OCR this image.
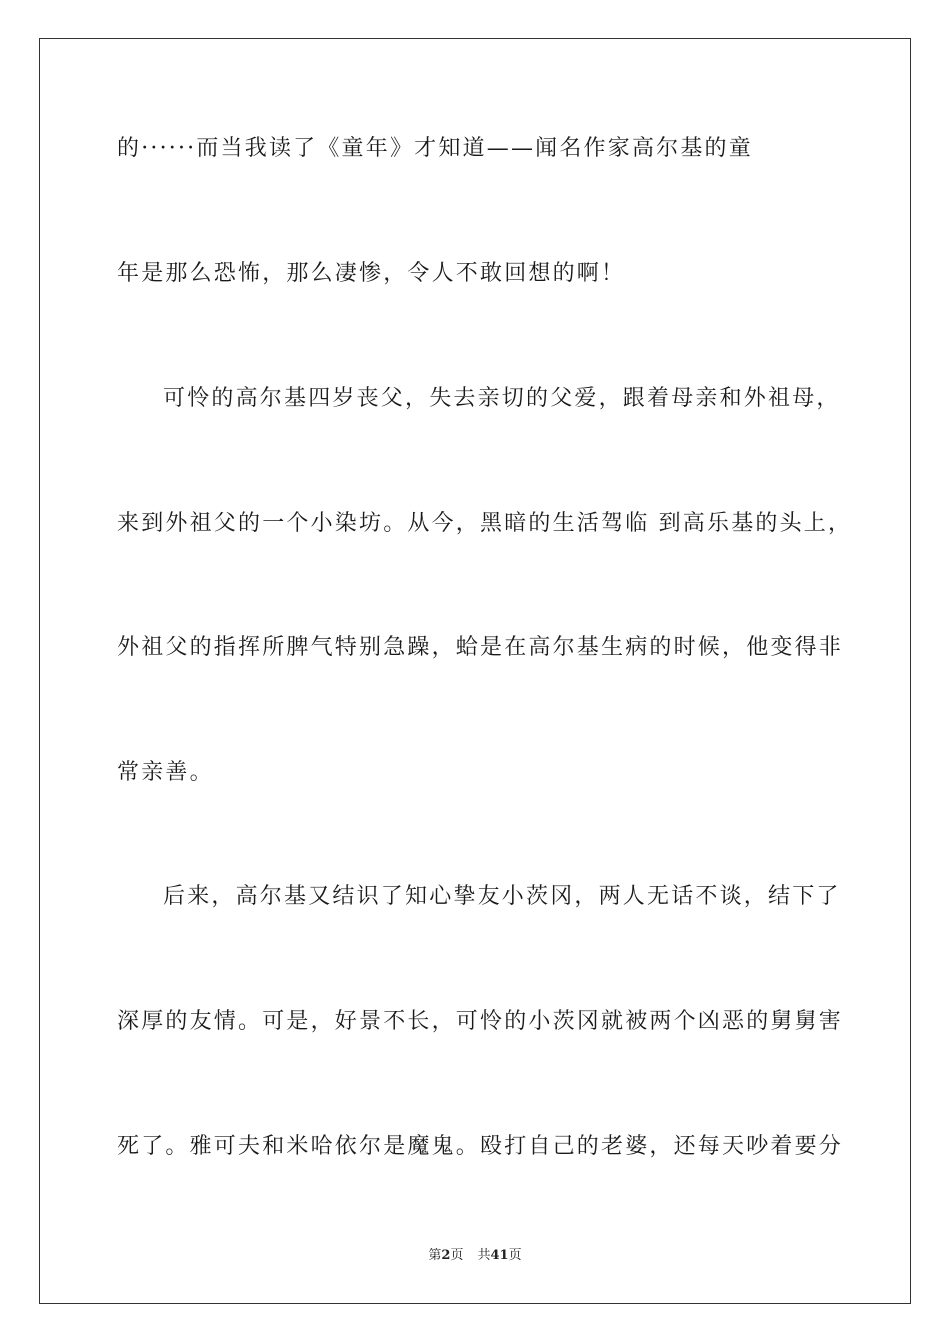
的······而当我读了《童年》才知道——闻名作家高尔基的童
年是那么恐怖，那么凄惨，令人不敢回想的啊！
可怜的高尔基四岁丧父，失去亲切的父爱，跟着母亲和外祖母，
来到外祖父的一个小染坊。从今，黑暗的生活驾临 到高乐基的头上，
外祖父的指挥所脾气特别急躁，蛤是在高尔基生病的时候，他变得非
常亲善。
后来，高尔基又结识了知心挚友小茨冈，两人无话不谈，结下了
深厚的友情。可是，好景不长，可怜的小茨冈就被两个凶恶的舅舅害
死了。雅可夫和米哈依尔是魔鬼。殴打自己的老婆，还每天吵着要分
第2页 共41页
